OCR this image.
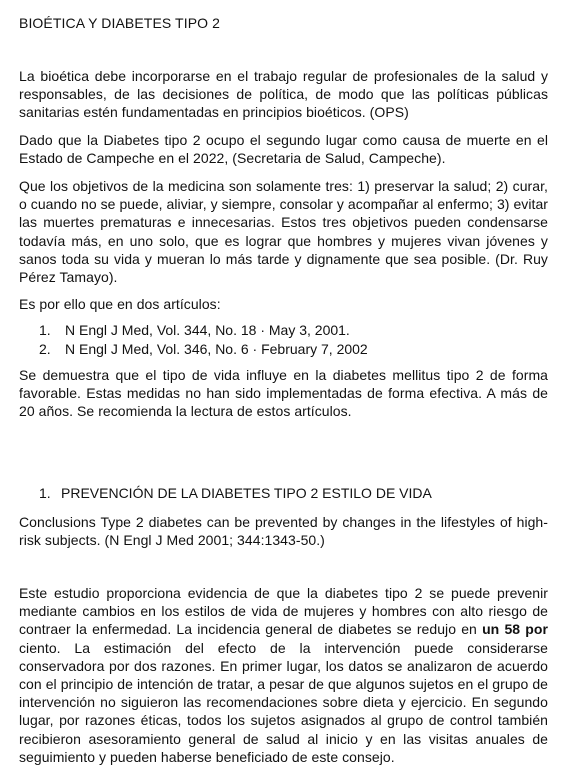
BIOÉTICA Y DIABETES TIPO 2

La bioética debe incorporarse en el trabajo regular de profesionales de la salud y responsables, de las decisiones de política, de modo que las políticas públicas sanitarias estén fundamentadas en principios bioéticos. (OPS)

Dado que la Diabetes tipo 2 ocupo el segundo lugar como causa de muerte en el Estado de Campeche en el 2022, (Secretaria de Salud, Campeche).

Que los objetivos de la medicina son solamente tres: 1) preservar la salud; 2) curar, o cuando no se puede, aliviar, y siempre, consolar y acompañar al enfermo; 3) evitar las muertes prematuras e innecesarias. Estos tres objetivos pueden condensarse todavía más, en uno solo, que es lograr que hombres y mujeres vivan jóvenes y sanos toda su vida y mueran lo más tarde y dignamente que sea posible. (Dr. Ruy Pérez Tamayo).

Es por ello que en dos artículos:

1. N Engl J Med, Vol. 344, No. 18 · May 3, 2001.
2. N Engl J Med, Vol. 346, No. 6 · February 7, 2002

Se demuestra que el tipo de vida influye en la diabetes mellitus tipo 2 de forma favorable. Estas medidas no han sido implementadas de forma efectiva. A más de 20 años. Se recomienda la lectura de estos artículos.

1. PREVENCIÓN DE LA DIABETES TIPO 2 ESTILO DE VIDA

Conclusions Type 2 diabetes can be prevented by changes in the lifestyles of high-risk subjects. (N Engl J Med 2001; 344:1343-50.)

Este estudio proporciona evidencia de que la diabetes tipo 2 se puede prevenir mediante cambios en los estilos de vida de mujeres y hombres con alto riesgo de contraer la enfermedad. La incidencia general de diabetes se redujo en un 58 por ciento. La estimación del efecto de la intervención puede considerarse conservadora por dos razones. En primer lugar, los datos se analizaron de acuerdo con el principio de intención de tratar, a pesar de que algunos sujetos en el grupo de intervención no siguieron las recomendaciones sobre dieta y ejercicio. En segundo lugar, por razones éticas, todos los sujetos asignados al grupo de control también recibieron asesoramiento general de salud al inicio y en las visitas anuales de seguimiento y pueden haberse beneficiado de este consejo.
